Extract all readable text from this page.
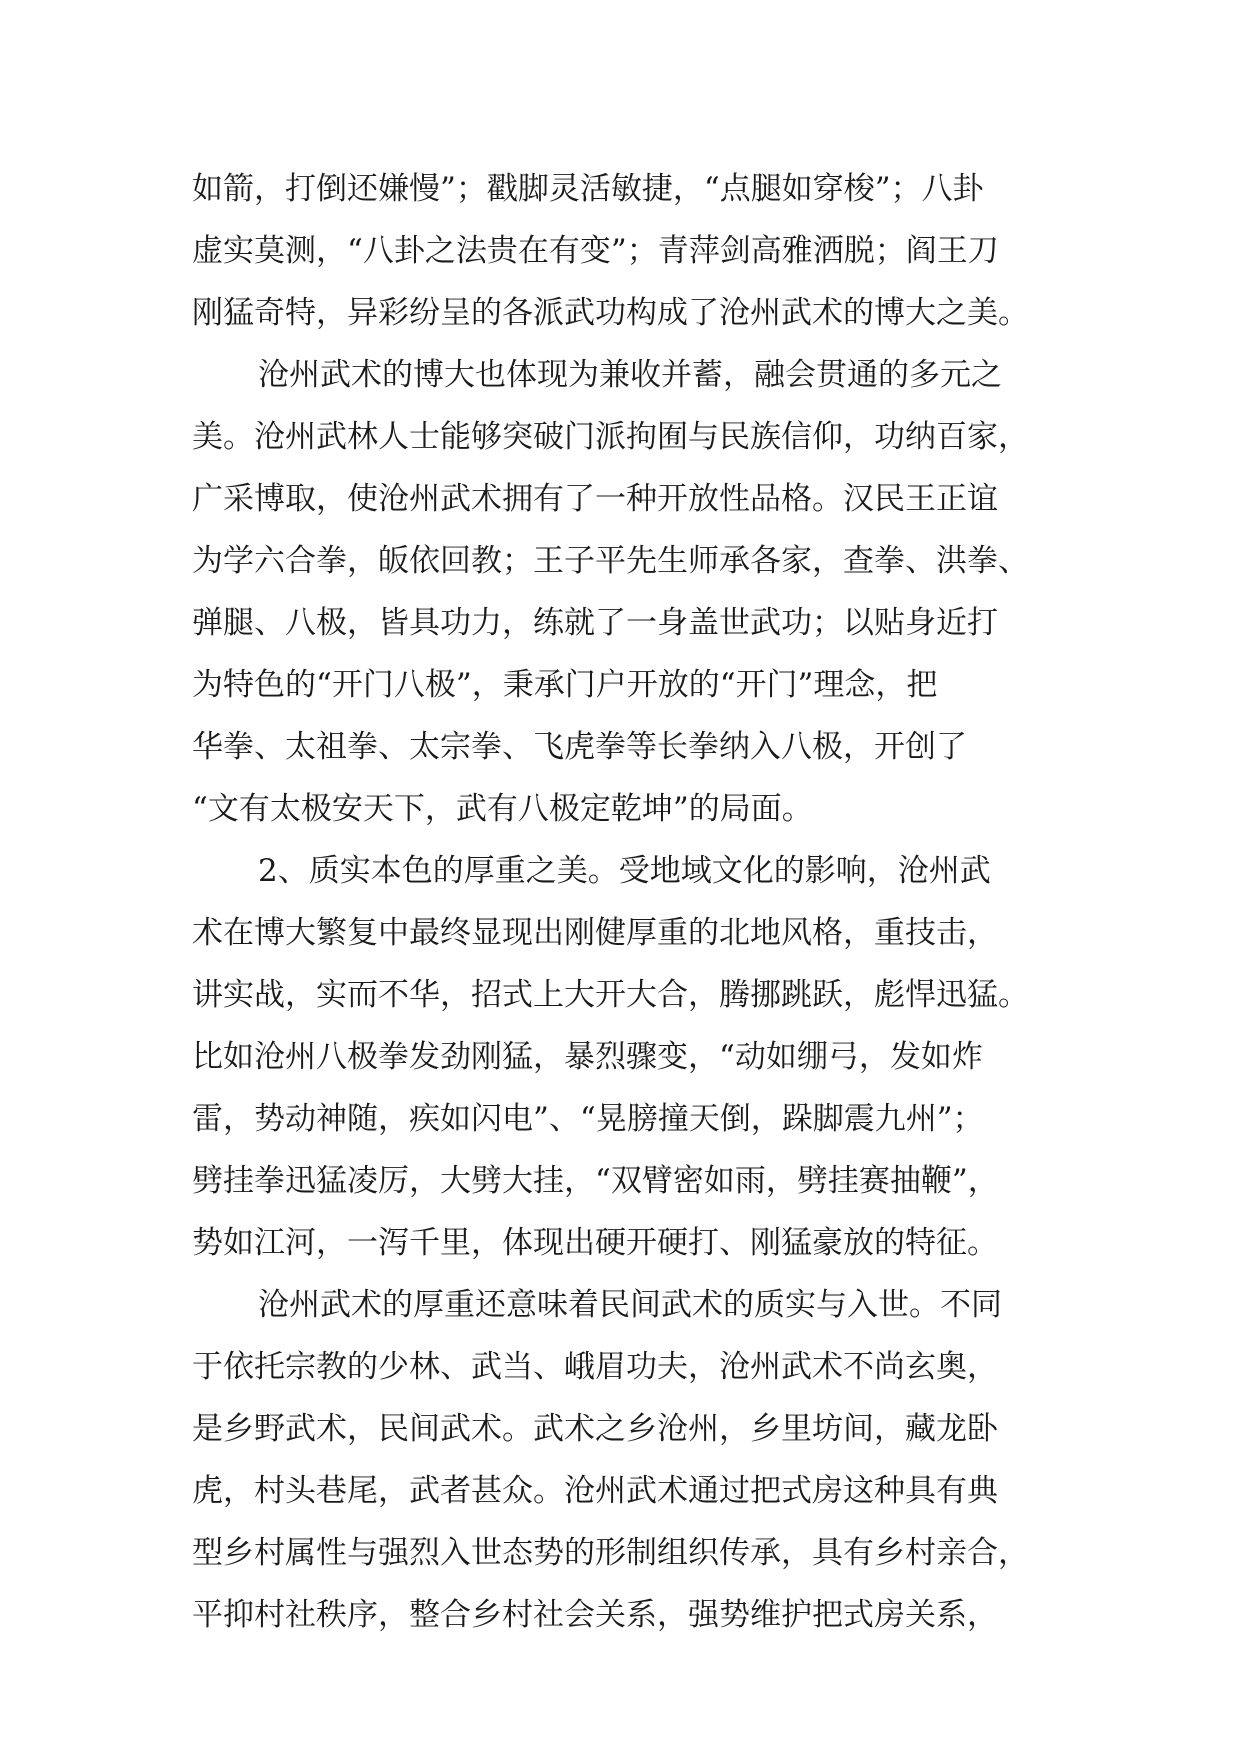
如箭，打倒还嫌慢”；戳脚灵活敏捷，“点腿如穿梭”；八卦
虚实莫测，“八卦之法贵在有变”；青萍剑高雅洒脱；阎王刀
刚猛奇特，异彩纷呈的各派武功构成了沧州武术的博大之美。
沧州武术的博大也体现为兼收并蓄，融会贯通的多元之
美。沧州武林人士能够突破门派拘囿与民族信仰，功纳百家，
广采博取，使沧州武术拥有了一种开放性品格。汉民王正谊
为学六合拳，皈依回教；王子平先生师承各家，查拳、洪拳、
弹腿、八极，皆具功力，练就了一身盖世武功；以贴身近打
为特色的“开门八极”，秉承门户开放的“开门”理念，把
华拳、太祖拳、太宗拳、飞虎拳等长拳纳入八极，开创了
“文有太极安天下，武有八极定乾坤”的局面。
2、质实本色的厚重之美。受地域文化的影响，沧州武
术在博大繁复中最终显现出刚健厚重的北地风格，重技击，
讲实战，实而不华，招式上大开大合，腾挪跳跃，彪悍迅猛。
比如沧州八极拳发劲刚猛，暴烈骤变，“动如绷弓，发如炸
雷，势动神随，疾如闪电”、“晃膀撞天倒，跺脚震九州”；
劈挂拳迅猛凌厉，大劈大挂，“双臂密如雨，劈挂赛抽鞭”，
势如江河，一泻千里，体现出硬开硬打、刚猛豪放的特征。
沧州武术的厚重还意味着民间武术的质实与入世。不同
于依托宗教的少林、武当、峨眉功夫，沧州武术不尚玄奥，
是乡野武术，民间武术。武术之乡沧州，乡里坊间，藏龙卧
虎，村头巷尾，武者甚众。沧州武术通过把式房这种具有典
型乡村属性与强烈入世态势的形制组织传承，具有乡村亲合，
平抑村社秩序，整合乡村社会关系，强势维护把式房关系，
